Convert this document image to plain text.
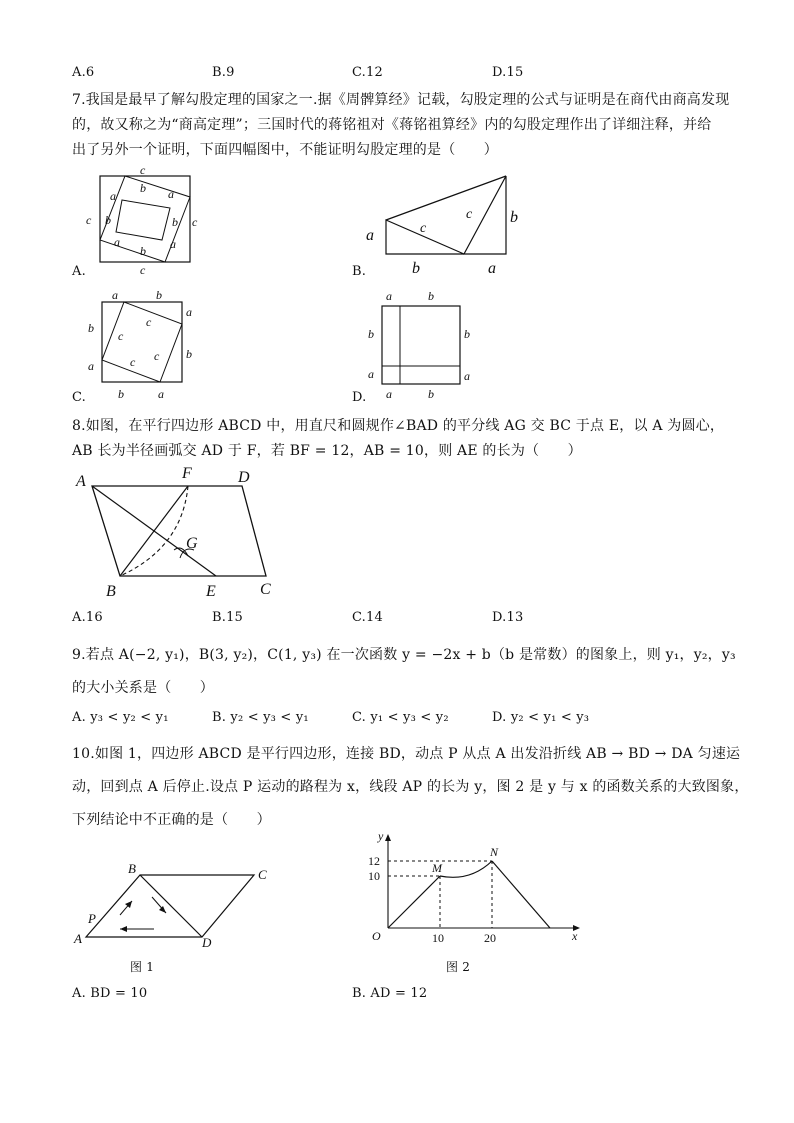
A.6	B.9	C.12	D.15
7.我国是最早了解勾股定理的国家之一.据《周髀算经》记载，勾股定理的公式与证明是在商代由商高发现
的，故又称之为“商高定理”；三国时代的蒋铭祖对《蒋铭祖算经》内的勾股定理作出了详细注释，并给
出了另外一个证明，下面四幅图中，不能证明勾股定理的是（　　）
c
a
b a
c b	b c
a
b a
c
A.
a	c
c b
b	a
B.
a	b
b
a
a
b
b	a
c
c
c
c
C.
a	b
b
a
b
a
a	b
D.
8.如图，在平行四边形 ABCD 中，用直尺和圆规作∠BAD 的平分线 AG 交 BC 于点 E，以 A 为圆心，
AB 长为半径画弧交 AD 于 F，若 BF = 12，AB = 10，则 AE 的长为（　　）
A	F	D
G
B	E	C
A.16	B.15	C.14	D.13
9.若点 A(−2, y₁)，B(3, y₂)，C(1, y₃) 在一次函数 y = −2x + b（b 是常数）的图象上，则 y₁，y₂，y₃
的大小关系是（　　）
A. y₃ < y₂ < y₁	B. y₂ < y₃ < y₁	C. y₁ < y₃ < y₂	D. y₂ < y₁ < y₃
10.如图 1，四边形 ABCD 是平行四边形，连接 BD，动点 P 从点 A 出发沿折线 AB → BD → DA 匀速运
动，回到点 A 后停止.设点 P 运动的路程为 x，线段 AP 的长为 y，图 2 是 y 与 x 的函数关系的大致图象，
下列结论中不正确的是（　　）
B	C
P
A	D
图 1
y
x
O
12
10
10	20
M
N
图 2
A. BD = 10	B. AD = 12
